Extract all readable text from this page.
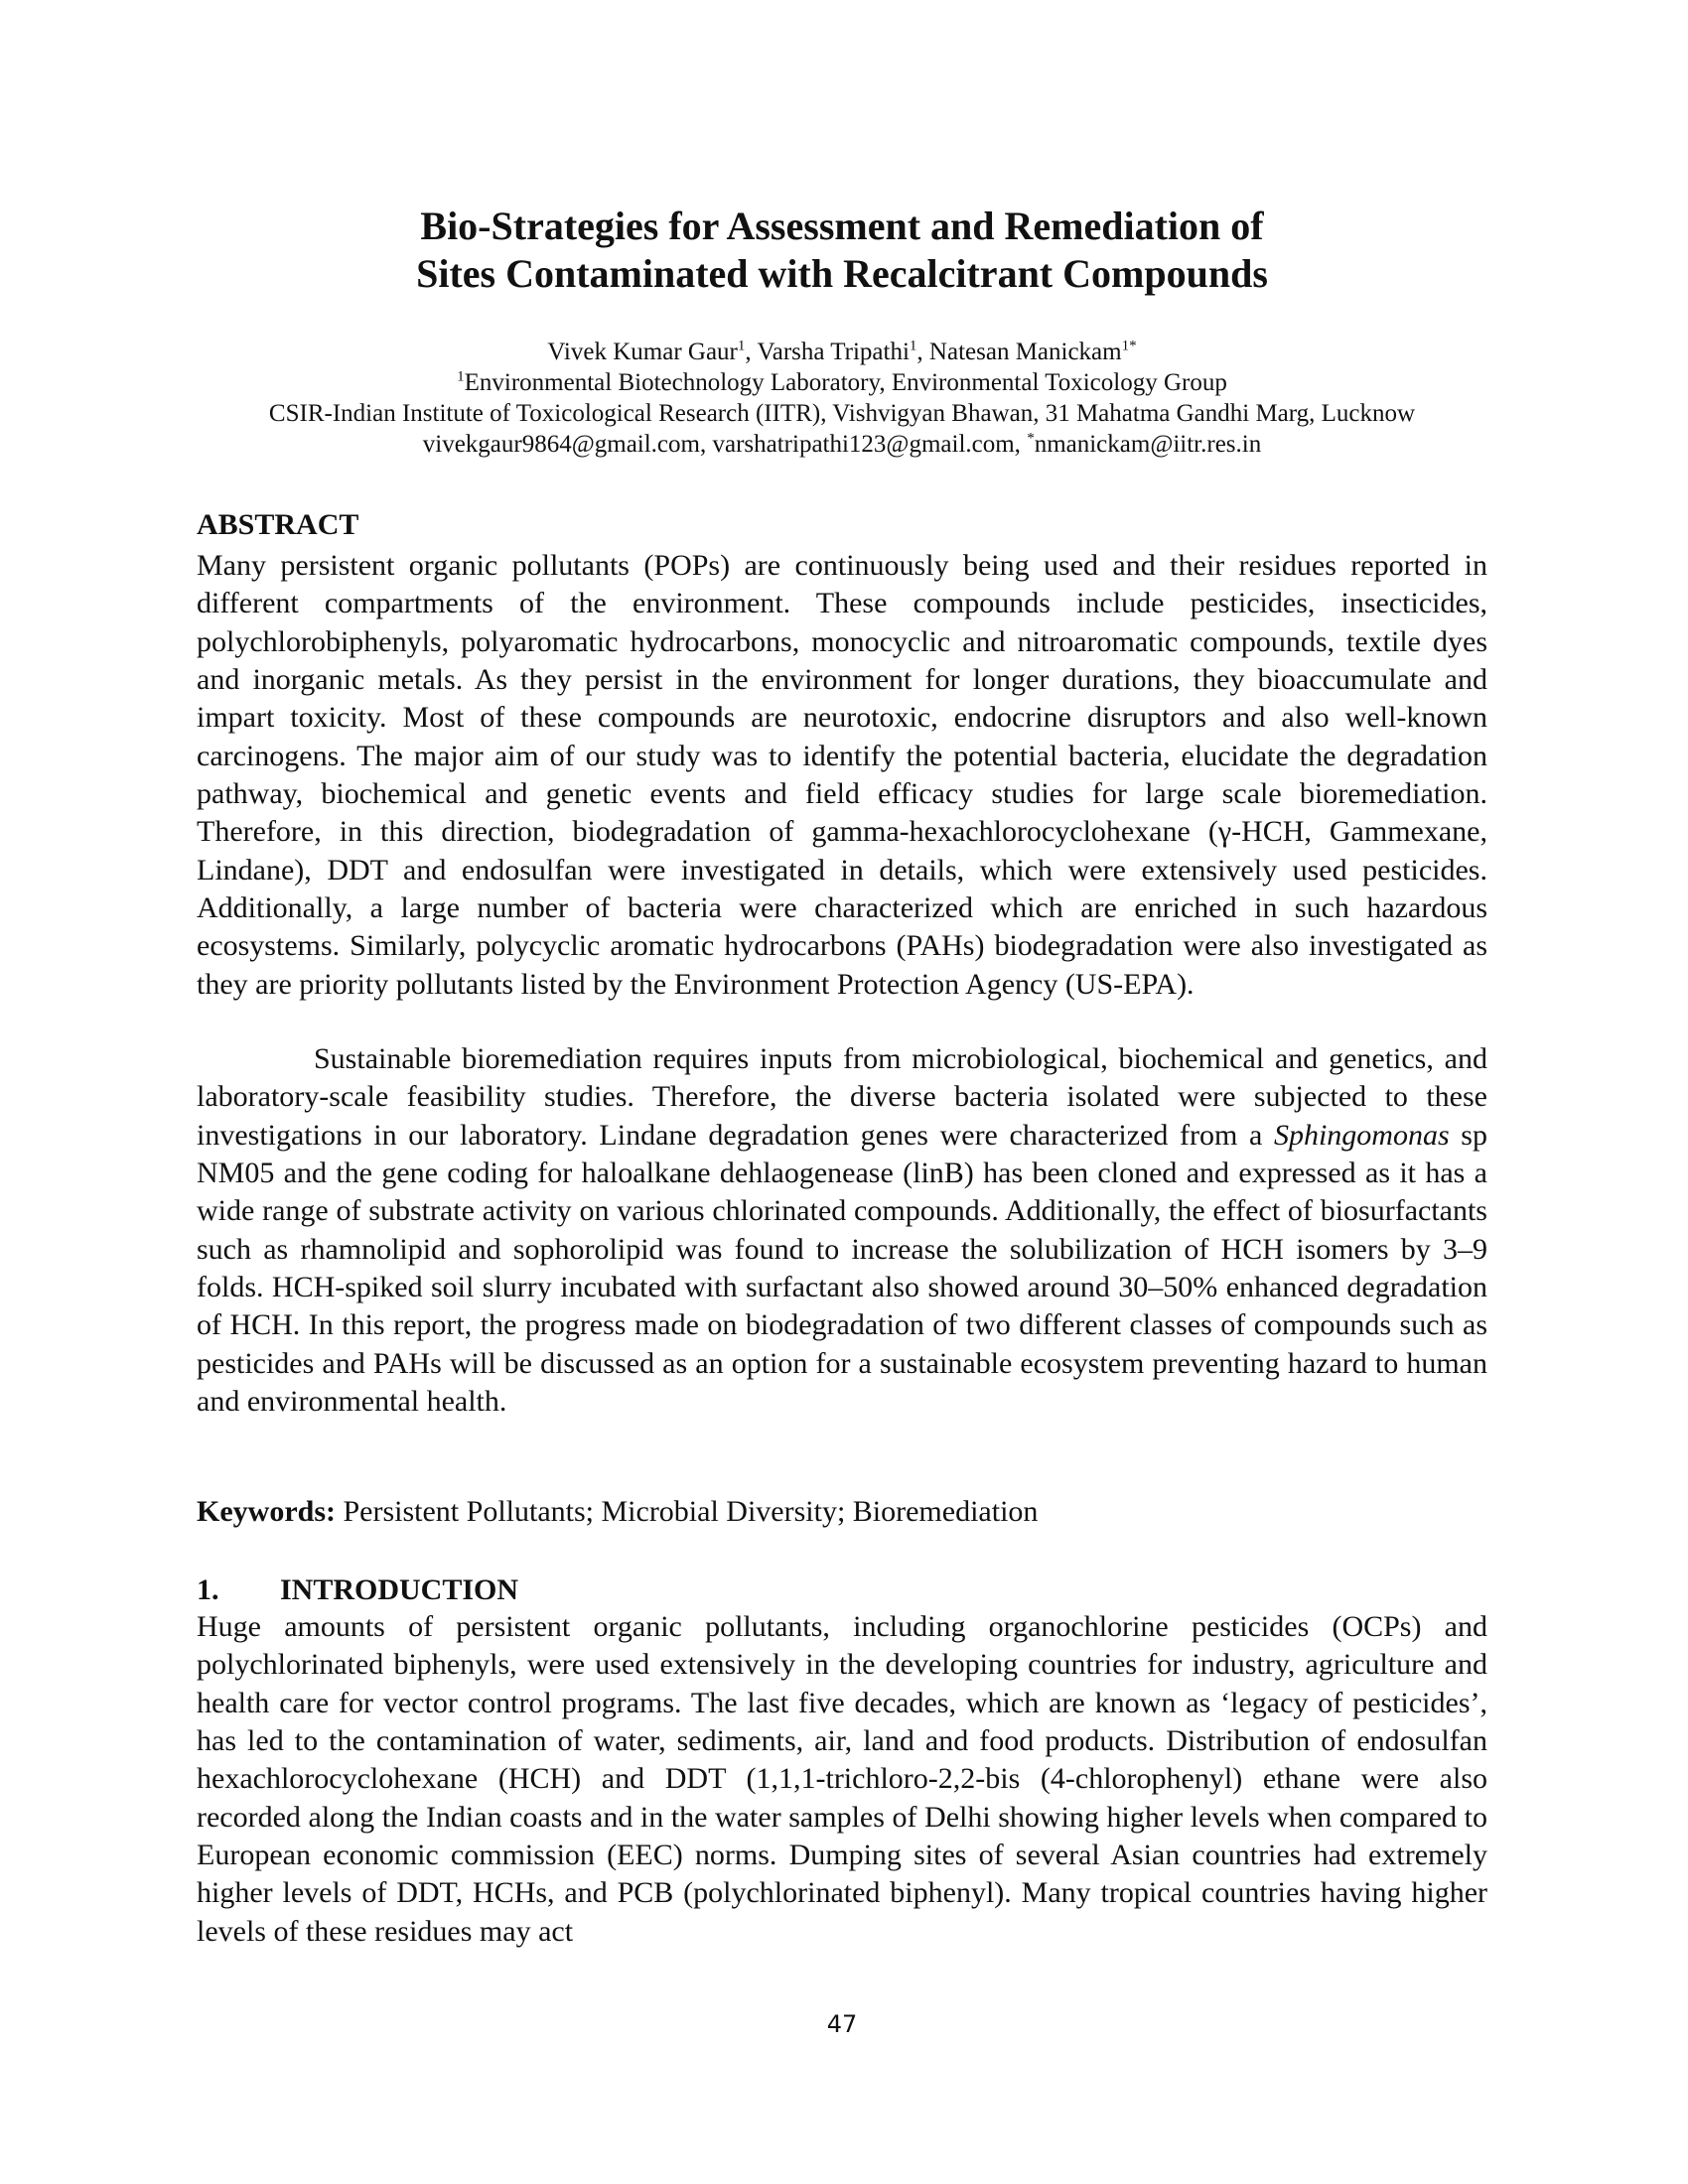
Bio-Strategies for Assessment and Remediation of
Sites Contaminated with Recalcitrant Compounds
Vivek Kumar Gaur$^1$, Varsha Tripathi$^1$, Natesan Manickam$^{1*}$
$^1$Environmental Biotechnology Laboratory, Environmental Toxicology Group
CSIR-Indian Institute of Toxicological Research (IITR), Vishvigyan Bhawan, 31 Mahatma Gandhi Marg, Lucknow
vivekgaur9864@gmail.com, varshatripathi123@gmail.com, *nmanickam@iitr.res.in
ABSTRACT

Many persistent organic pollutants (POPs) are continuously being used and their residues reported in different compartments of the environment. These compounds include pesticides, insecticides, polychlorobiphenyls, polyaromatic hydrocarbons, monocyclic and nitroaromatic compounds, textile dyes and inorganic metals. As they persist in the environment for longer durations, they bioaccumulate and impart toxicity. Most of these compounds are neurotoxic, endocrine disruptors and also well-known carcinogens. The major aim of our study was to identify the potential bacteria, elucidate the degradation pathway, biochemical and genetic events and field efficacy studies for large scale bioremediation. Therefore, in this direction, biodegradation of gamma-hexachlorocyclohexane (γ-HCH, Gammexane, Lindane), DDT and endosulfan were investigated in details, which were extensively used pesticides. Additionally, a large number of bacteria were characterized which are enriched in such hazardous ecosystems. Similarly, polycyclic aromatic hydrocarbons (PAHs) biodegradation were also investigated as they are priority pollutants listed by the Environment Protection Agency (US-EPA).

Sustainable bioremediation requires inputs from microbiological, biochemical and genetics, and laboratory-scale feasibility studies. Therefore, the diverse bacteria isolated were subjected to these investigations in our laboratory. Lindane degradation genes were characterized from a Sphingomonas sp NM05 and the gene coding for haloalkane dehlaogenease (linB) has been cloned and expressed as it has a wide range of substrate activity on various chlorinated compounds. Additionally, the effect of biosurfactants such as rhamnolipid and sophorolipid was found to increase the solubilization of HCH isomers by 3–9 folds. HCH-spiked soil slurry incubated with surfactant also showed around 30–50% enhanced degradation of HCH. In this report, the progress made on biodegradation of two different classes of compounds such as pesticides and PAHs will be discussed as an option for a sustainable ecosystem preventing hazard to human and environmental health.

Keywords: Persistent Pollutants; Microbial Diversity; Bioremediation
1. INTRODUCTION

Huge amounts of persistent organic pollutants, including organochlorine pesticides (OCPs) and polychlorinated biphenyls, were used extensively in the developing countries for industry, agriculture and health care for vector control programs. The last five decades, which are known as ‘legacy of pesticides’, has led to the contamination of water, sediments, air, land and food products. Distribution of endosulfan hexachlorocyclohexane (HCH) and DDT (1,1,1-trichloro-2,2-bis (4-chlorophenyl) ethane were also recorded along the Indian coasts and in the water samples of Delhi showing higher levels when compared to European economic commission (EEC) norms. Dumping sites of several Asian countries had extremely higher levels of DDT, HCHs, and PCB (polychlorinated biphenyl). Many tropical countries having higher levels of these residues may act

47
